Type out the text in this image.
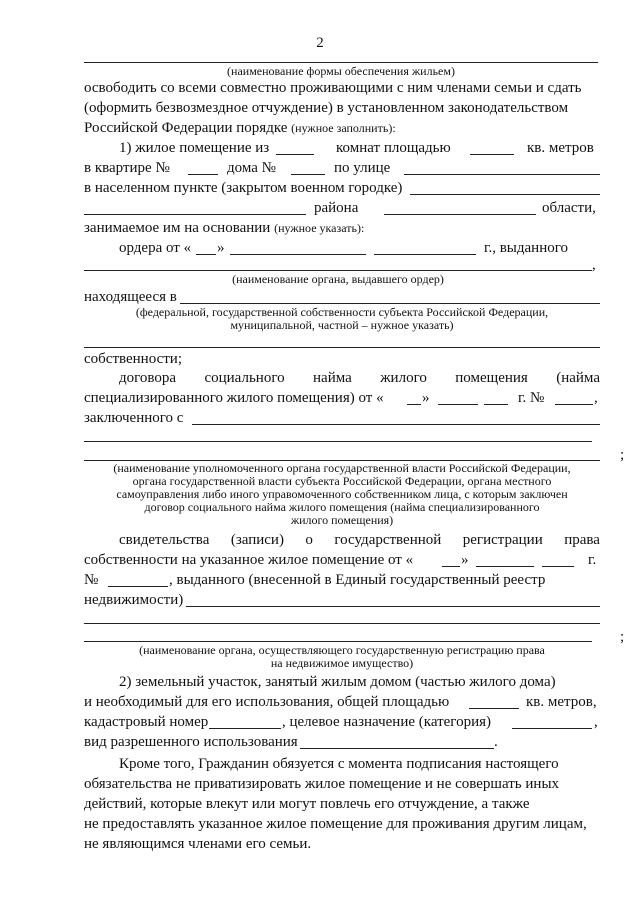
2
(наименование формы обеспечения жильем)
освободить со всеми совместно проживающими с ним членами семьи и сдать
(оформить безвозмездное отчуждение) в установленном законодательством
Российской Федерации порядке (нужное заполнить):
1) жилое помещение из	комнат площадью	кв. метров
в квартире №	дома №	по улице
в населенном пункте (закрытом военном городке)
района	области,
занимаемое им на основании (нужное указать):
ордера от « »	г., выданного
,
(наименование органа, выдавшего ордер)
находящееся в
(федеральной, государственной собственности субъекта Российской Федерации,
муниципальной, частной – нужное указать)
собственности;
договора социального найма жилого помещения (найма
специализированного жилого помещения) от «	»	г. №	,
заключенного с
;
(наименование уполномоченного органа государственной власти Российской Федерации,
органа государственной власти субъекта Российской Федерации, органа местного
самоуправления либо иного управомоченного собственником лица, с которым заключен
договор социального найма жилого помещения (найма специализированного
жилого помещения)
свидетельства (записи) о государственной регистрации права
собственности на указанное жилое помещение от «	»	г.
№	, выданного (внесенной в Единый государственный реестр
недвижимости)
;
(наименование органа, осуществляющего государственную регистрацию права
на недвижимое имущество)
2) земельный участок, занятый жилым домом (частью жилого дома)
и необходимый для его использования, общей площадью	кв. метров,
кадастровый номер	, целевое назначение (категория)	,
вид разрешенного использования	.
Кроме того, Гражданин обязуется с момента подписания настоящего
обязательства не приватизировать жилое помещение и не совершать иных
действий, которые влекут или могут повлечь его отчуждение, а также
не предоставлять указанное жилое помещение для проживания другим лицам,
не являющимся членами его семьи.
